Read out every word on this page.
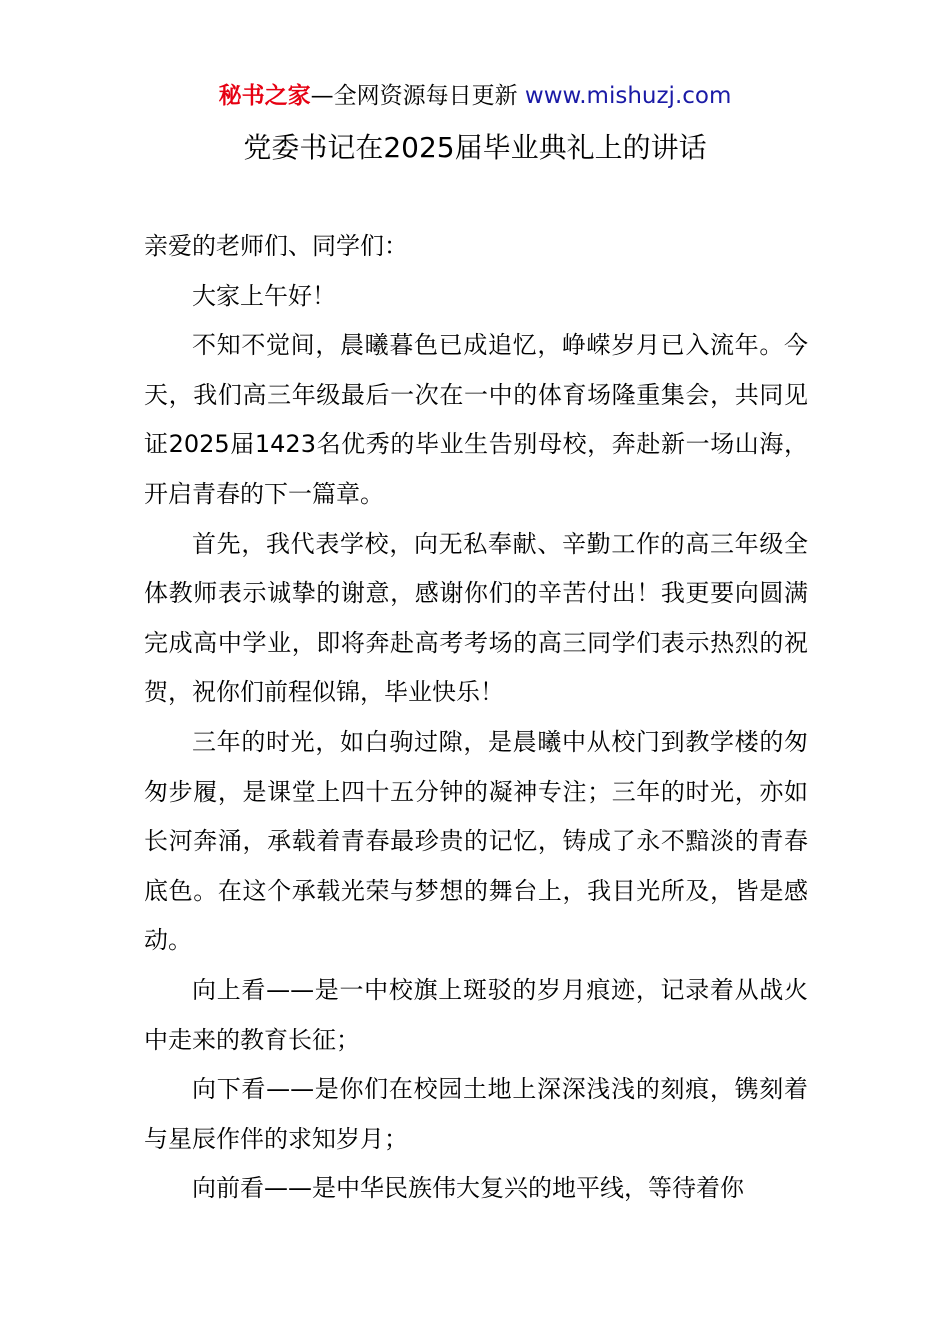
秘书之家—全网资源每日更新 www.mishuzj.com
党委书记在2025届毕业典礼上的讲话

亲爱的老师们、同学们：

大家上午好！

不知不觉间，晨曦暮色已成追忆，峥嵘岁月已入流年。今天，我们高三年级最后一次在一中的体育场隆重集会，共同见证2025届1423名优秀的毕业生告别母校，奔赴新一场山海，开启青春的下一篇章。

首先，我代表学校，向无私奉献、辛勤工作的高三年级全体教师表示诚挚的谢意，感谢你们的辛苦付出！我更要向圆满完成高中学业，即将奔赴高考考场的高三同学们表示热烈的祝贺，祝你们前程似锦，毕业快乐！

三年的时光，如白驹过隙，是晨曦中从校门到教学楼的匆匆步履，是课堂上四十五分钟的凝神专注；三年的时光，亦如长河奔涌，承载着青春最珍贵的记忆，铸成了永不黯淡的青春底色。在这个承载光荣与梦想的舞台上，我目光所及，皆是感动。

向上看——是一中校旗上斑驳的岁月痕迹，记录着从战火中走来的教育长征；

向下看——是你们在校园土地上深深浅浅的刻痕，镌刻着与星辰作伴的求知岁月；

向前看——是中华民族伟大复兴的地平线，等待着你
